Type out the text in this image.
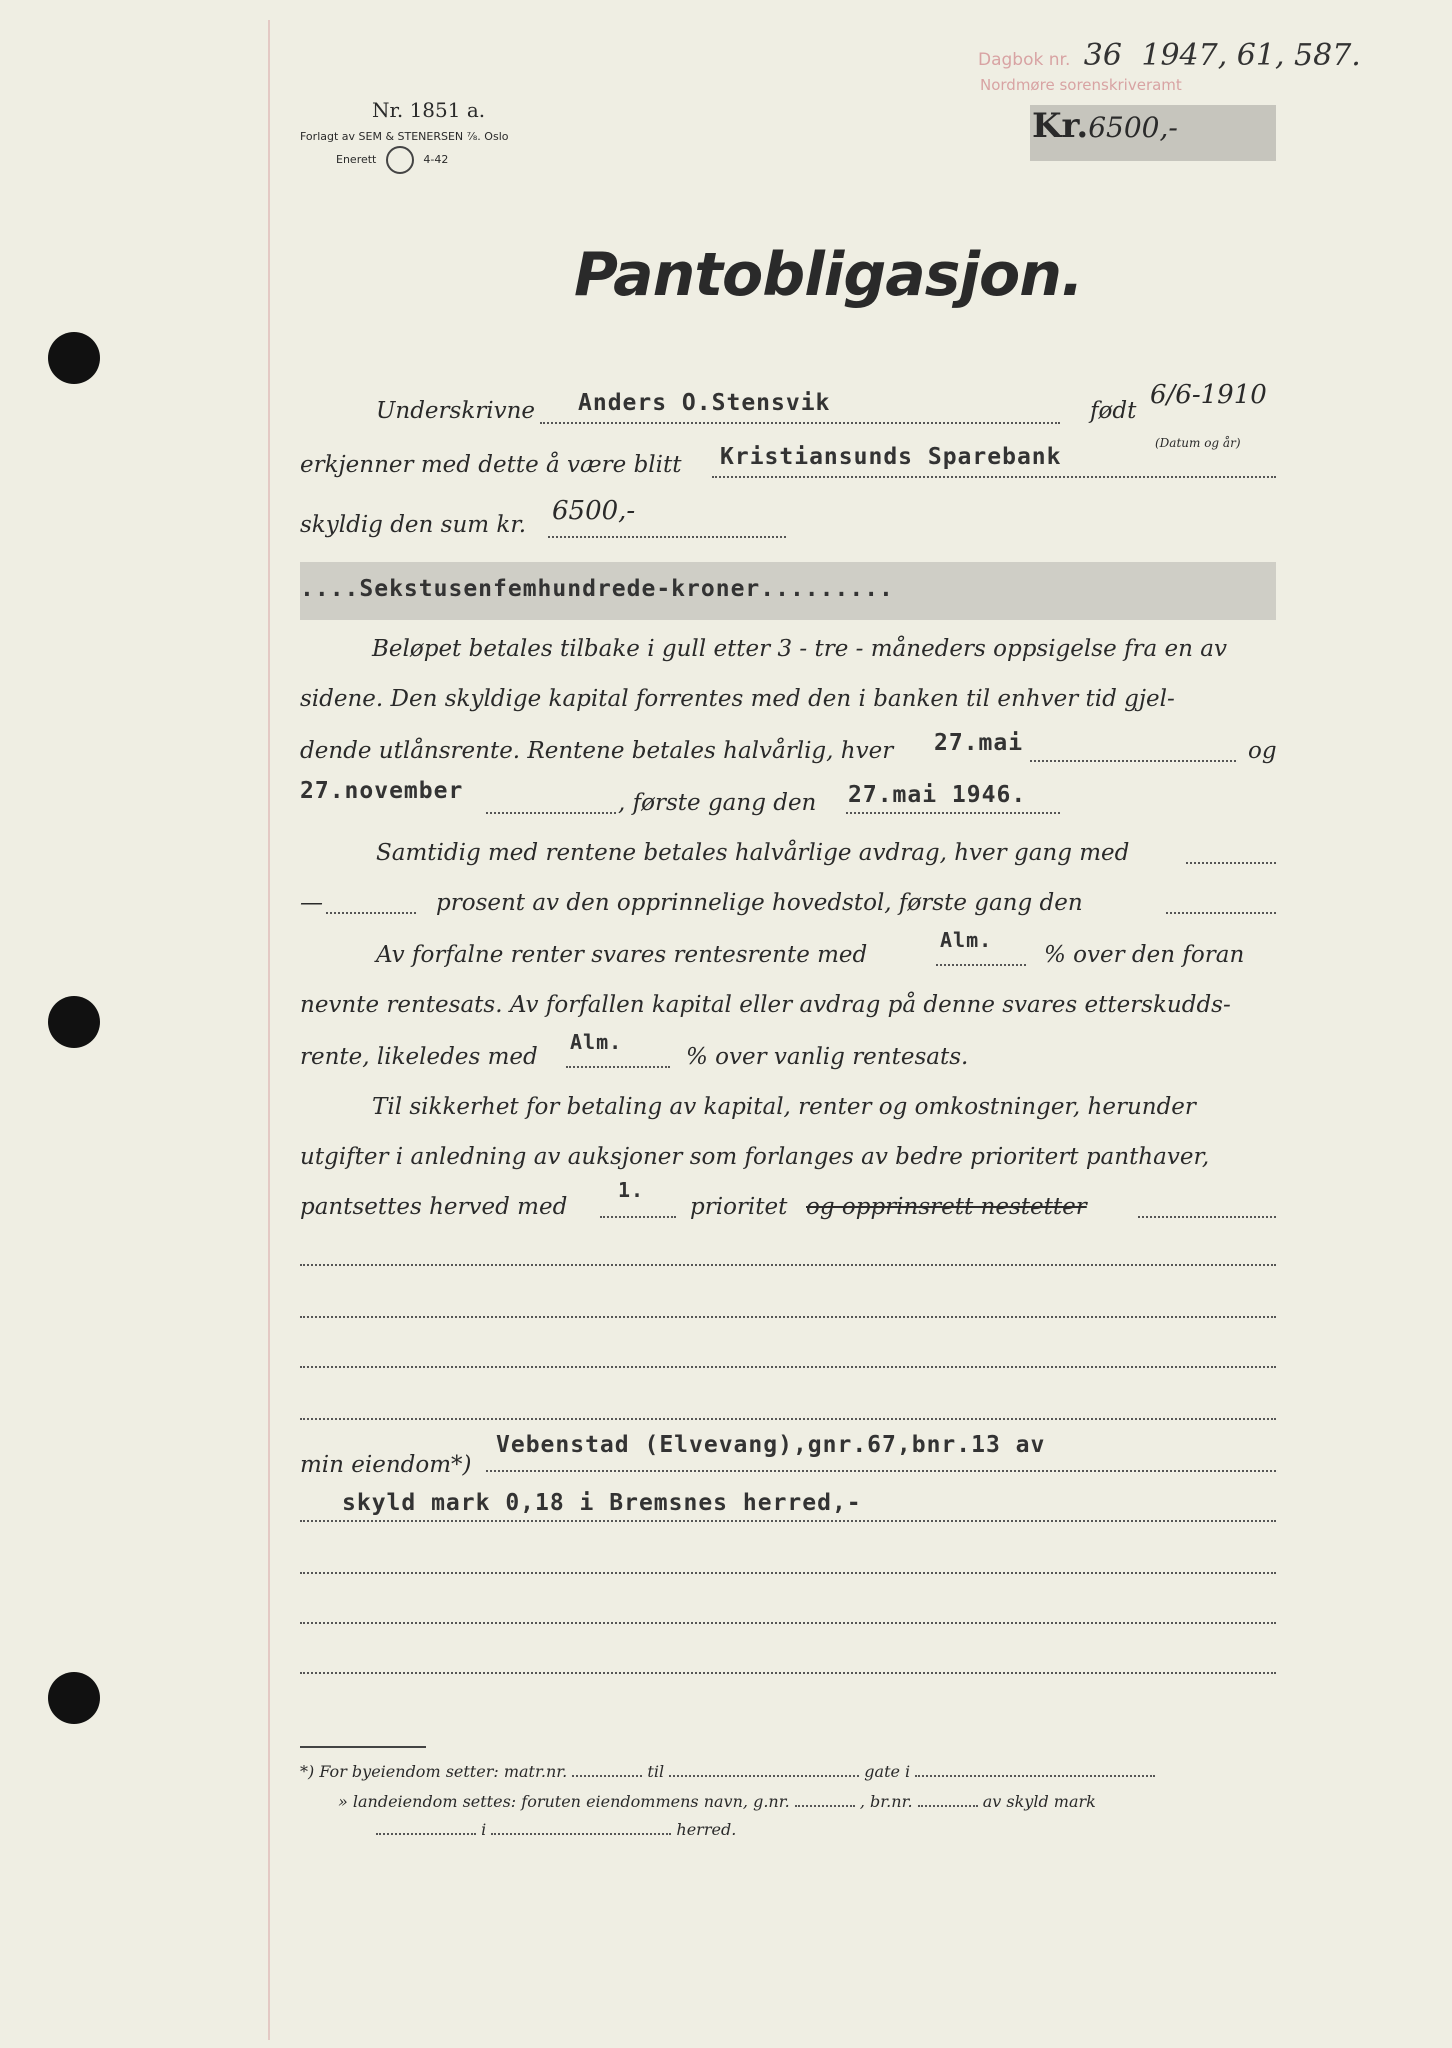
Dagbok nr. 36 1947, 61, 587.
Nordmøre sorenskriveramt
Nr. 1851 a.
Forlagt av SEM & STENERSEN ⅞. Oslo
Enerett	4-42
Kr.6500,-
Pantobligasjon.
Underskrivne Anders O.Stensvik	født
6/6-1910
(Datum og år)
erkjenner med dette å være blitt Kristiansunds Sparebank
skyldig den sum kr. 6500,-
....Sekstusenfemhundrede-kroner.........
Beløpet betales tilbake i gull etter 3 - tre - måneders oppsigelse fra en av
sidene. Den skyldige kapital forrentes med den i banken til enhver tid gjel-
dende utlånsrente. Rentene betales halvårlig, hver 27.mai	og
27.november	, første gang den 27.mai 1946.
Samtidig med rentene betales halvårlige avdrag, hver gang med
—	prosent av den opprinnelige hovedstol, første gang den
Av forfalne renter svares rentesrente med
Alm.
% over den foran
nevnte rentesats. Av forfallen kapital eller avdrag på denne svares etterskudds-
rente, likeledes med
Alm.
% over vanlig rentesats.
Til sikkerhet for betaling av kapital, renter og omkostninger, herunder
utgifter i anledning av auksjoner som forlanges av bedre prioritert panthaver,
pantsettes herved med
1.
prioritet og opprinsrett nestetter
min eiendom*)
Vebenstad (Elvevang),gnr.67,bnr.13 av
skyld mark 0,18 i Bremsnes herred,-
*) For byeiendom setter: matr.nr.	til	gate i
» landeiendom settes: foruten eiendommens navn, g.nr.	, br.nr.	av skyld mark
i	herred.
